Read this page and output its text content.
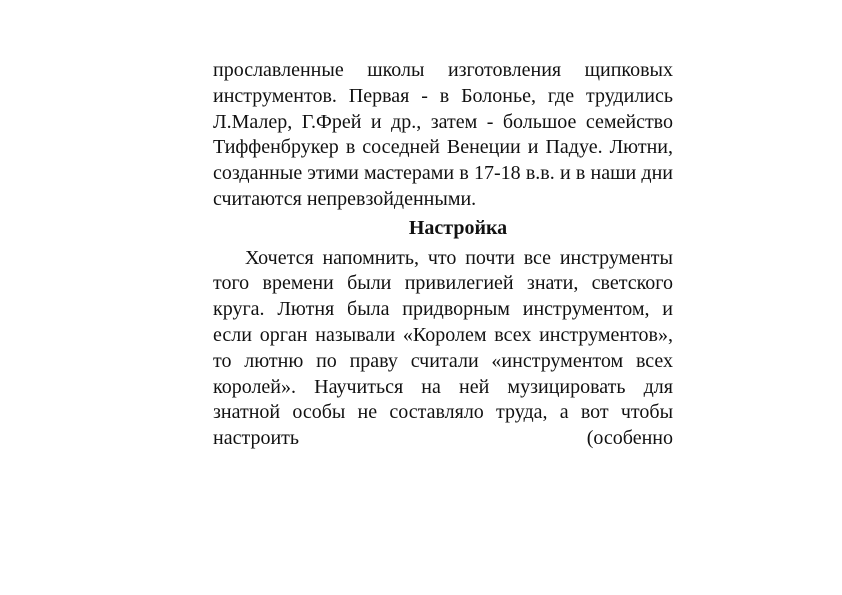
прославленные школы изготовления щипковых инструментов. Первая - в Болонье, где трудились Л.Малер, Г.Фрей и др., затем - большое семейство Тиффенбрукер в соседней Венеции и Падуе. Лютни, созданные этими мастерами в 17-18 в.в. и в наши дни считаются непревзойденными.

Настройка

Хочется напомнить, что почти все инструменты того времени были привилегией знати, светского круга. Лютня была придворным инструментом, и если орган называли «Королем всех инструментов», то лютню по праву считали «инструментом всех королей». Научиться на ней музицировать для знатной особы не составляло труда, а вот чтобы настроить (особенно
